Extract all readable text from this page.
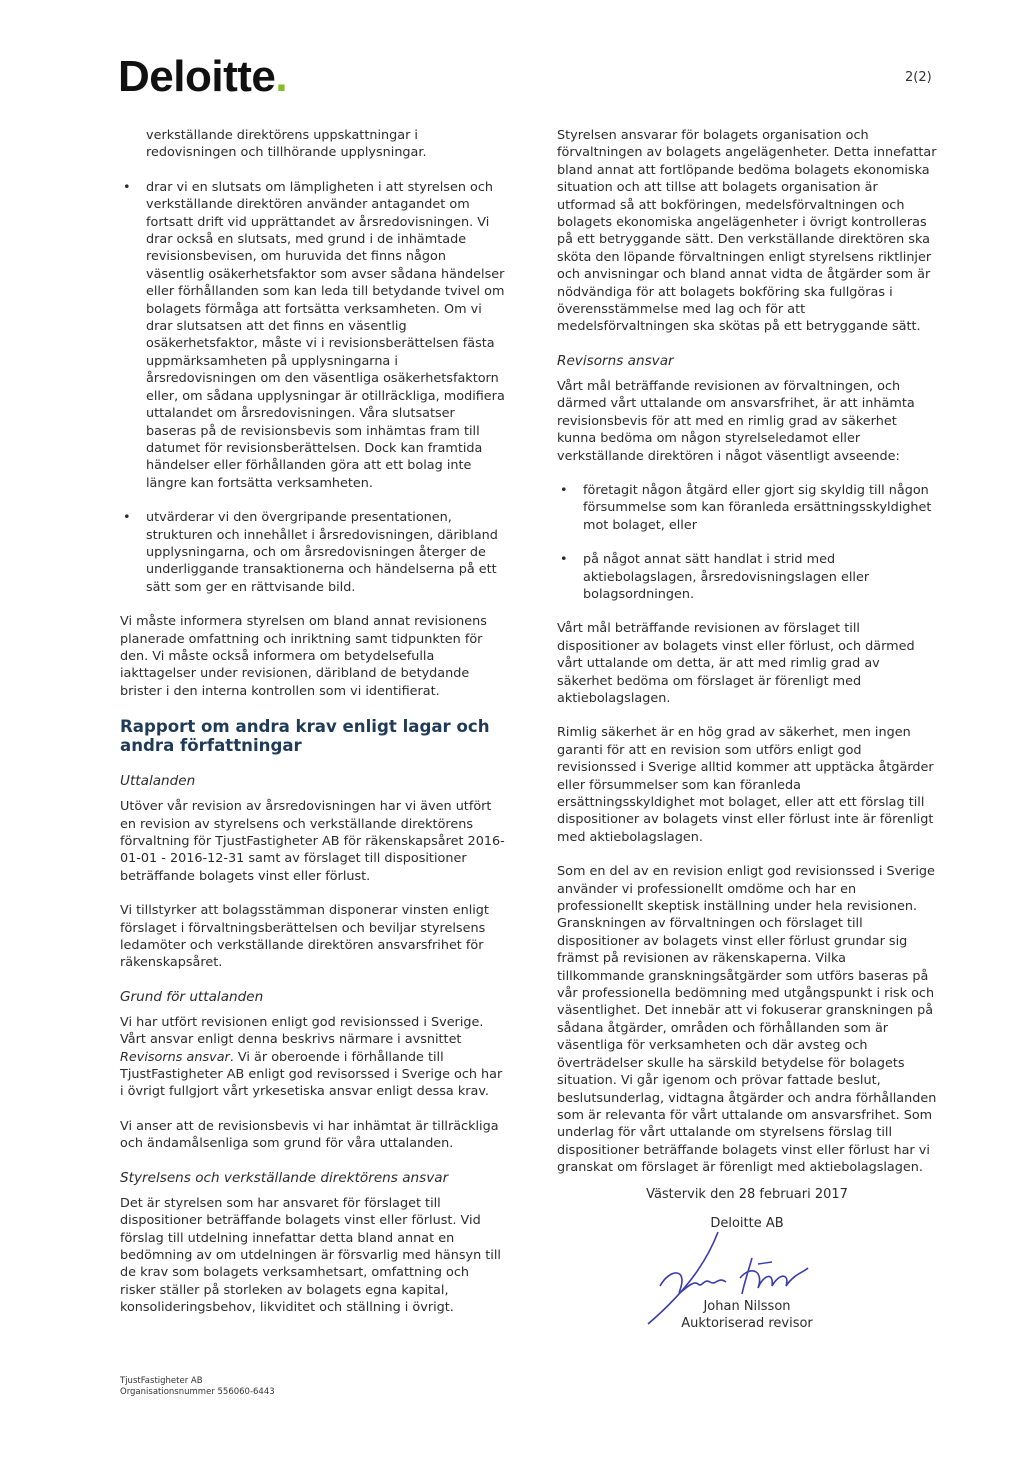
Deloitte.	2(2)

verkställande direktörens uppskattningar i redovisningen och tillhörande upplysningar.

• drar vi en slutsats om lämpligheten i att styrelsen och verkställande direktören använder antagandet om fortsatt drift vid upprättandet av årsredovisningen. Vi drar också en slutsats, med grund i de inhämtade revisionsbevisen, om huruvida det finns någon väsentlig osäkerhetsfaktor som avser sådana händelser eller förhållanden som kan leda till betydande tvivel om bolagets förmåga att fortsätta verksamheten. Om vi drar slutsatsen att det finns en väsentlig osäkerhetsfaktor, måste vi i revisionsberättelsen fästa uppmärksamheten på upplysningarna i årsredovisningen om den väsentliga osäkerhetsfaktorn eller, om sådana upplysningar är otillräckliga, modifiera uttalandet om årsredovisningen. Våra slutsatser baseras på de revisionsbevis som inhämtas fram till datumet för revisionsberättelsen. Dock kan framtida händelser eller förhållanden göra att ett bolag inte längre kan fortsätta verksamheten.
• utvärderar vi den övergripande presentationen, strukturen och innehållet i årsredovisningen, däribland upplysningarna, och om årsredovisningen återger de underliggande transaktionerna och händelserna på ett sätt som ger en rättvisande bild.

Vi måste informera styrelsen om bland annat revisionens planerade omfattning och inriktning samt tidpunkten för den. Vi måste också informera om betydelsefulla iakttagelser under revisionen, däribland de betydande brister i den interna kontrollen som vi identifierat.

Rapport om andra krav enligt lagar och andra författningar
Uttalanden

Utöver vår revision av årsredovisningen har vi även utfört en revision av styrelsens och verkställande direktörens förvaltning för TjustFastigheter AB för räkenskapsåret 2016-01-01 - 2016-12-31 samt av förslaget till dispositioner beträffande bolagets vinst eller förlust.

Vi tillstyrker att bolagsstämman disponerar vinsten enligt förslaget i förvaltningsberättelsen och beviljar styrelsens ledamöter och verkställande direktören ansvarsfrihet för räkenskapsåret.

Grund för uttalanden

Vi har utfört revisionen enligt god revisionssed i Sverige. Vårt ansvar enligt denna beskrivs närmare i avsnittet Revisorns ansvar. Vi är oberoende i förhållande till TjustFastigheter AB enligt god revisorssed i Sverige och har i övrigt fullgjort vårt yrkesetiska ansvar enligt dessa krav.

Vi anser att de revisionsbevis vi har inhämtat är tillräckliga och ändamålsenliga som grund för våra uttalanden.

Styrelsens och verkställande direktörens ansvar

Det är styrelsen som har ansvaret för förslaget till dispositioner beträffande bolagets vinst eller förlust. Vid förslag till utdelning innefattar detta bland annat en bedömning av om utdelningen är försvarlig med hänsyn till de krav som bolagets verksamhetsart, omfattning och risker ställer på storleken av bolagets egna kapital, konsolideringsbehov, likviditet och ställning i övrigt.

Styrelsen ansvarar för bolagets organisation och förvaltningen av bolagets angelägenheter. Detta innefattar bland annat att fortlöpande bedöma bolagets ekonomiska situation och att tillse att bolagets organisation är utformad så att bokföringen, medelsförvaltningen och bolagets ekonomiska angelägenheter i övrigt kontrolleras på ett betryggande sätt. Den verkställande direktören ska sköta den löpande förvaltningen enligt styrelsens riktlinjer och anvisningar och bland annat vidta de åtgärder som är nödvändiga för att bolagets bokföring ska fullgöras i överensstämmelse med lag och för att medelsförvaltningen ska skötas på ett betryggande sätt.

Revisorns ansvar

Vårt mål beträffande revisionen av förvaltningen, och därmed vårt uttalande om ansvarsfrihet, är att inhämta revisionsbevis för att med en rimlig grad av säkerhet kunna bedöma om någon styrelseledamot eller verkställande direktören i något väsentligt avseende:

• företagit någon åtgärd eller gjort sig skyldig till någon försummelse som kan föranleda ersättningsskyldighet mot bolaget, eller
• på något annat sätt handlat i strid med aktiebolagslagen, årsredovisningslagen eller bolagsordningen.

Vårt mål beträffande revisionen av förslaget till dispositioner av bolagets vinst eller förlust, och därmed vårt uttalande om detta, är att med rimlig grad av säkerhet bedöma om förslaget är förenligt med aktiebolagslagen.

Rimlig säkerhet är en hög grad av säkerhet, men ingen garanti för att en revision som utförs enligt god revisionssed i Sverige alltid kommer att upptäcka åtgärder eller försummelser som kan föranleda ersättningsskyldighet mot bolaget, eller att ett förslag till dispositioner av bolagets vinst eller förlust inte är förenligt med aktiebolagslagen.

Som en del av en revision enligt god revisionssed i Sverige använder vi professionellt omdöme och har en professionellt skeptisk inställning under hela revisionen. Granskningen av förvaltningen och förslaget till dispositioner av bolagets vinst eller förlust grundar sig främst på revisionen av räkenskaperna. Vilka tillkommande granskningsåtgärder som utförs baseras på vår professionella bedömning med utgångspunkt i risk och väsentlighet. Det innebär att vi fokuserar granskningen på sådana åtgärder, områden och förhållanden som är väsentliga för verksamheten och där avsteg och överträdelser skulle ha särskild betydelse för bolagets situation. Vi går igenom och prövar fattade beslut, beslutsunderlag, vidtagna åtgärder och andra förhållanden som är relevanta för vårt uttalande om ansvarsfrihet. Som underlag för vårt uttalande om styrelsens förslag till dispositioner beträffande bolagets vinst eller förlust har vi granskat om förslaget är förenligt med aktiebolagslagen.

Västervik den 28 februari 2017
Deloitte AB
Johan Nilsson
Auktoriserad revisor
TjustFastigheter AB
Organisationsnummer 556060-6443
